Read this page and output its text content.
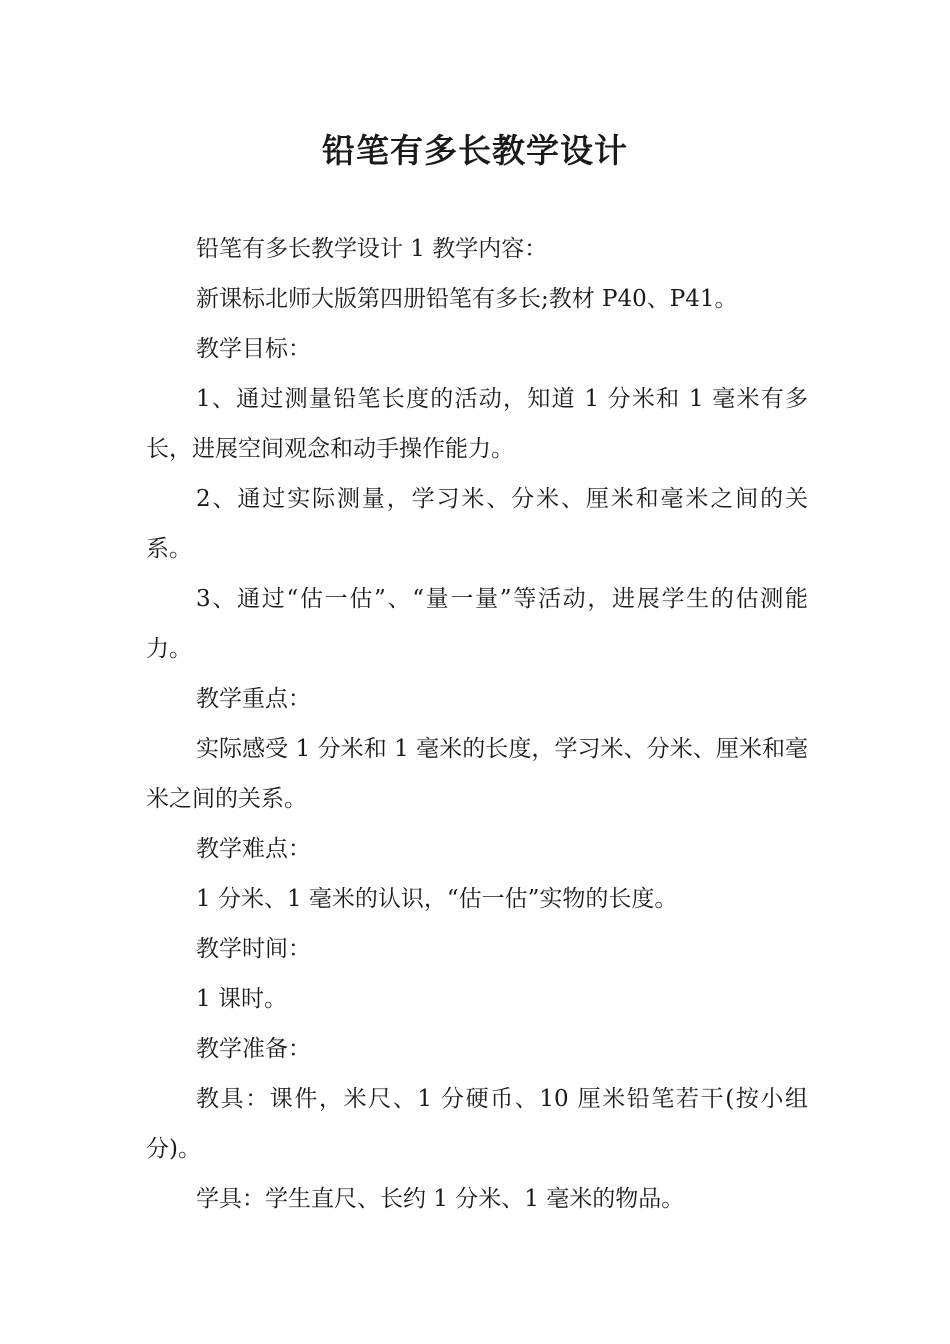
铅笔有多长教学设计

铅笔有多长教学设计 1 教学内容：

新课标北师大版第四册铅笔有多长;教材 P40、P41。

教学目标：

1、通过测量铅笔长度的活动，知道 1 分米和 1 毫米有多长，进展空间观念和动手操作能力。

2、通过实际测量，学习米、分米、厘米和毫米之间的关系。

3、通过“估一估”、“量一量”等活动，进展学生的估测能力。

教学重点：

实际感受 1 分米和 1 毫米的长度，学习米、分米、厘米和毫米之间的关系。

教学难点：

1 分米、1 毫米的认识，“估一估”实物的长度。

教学时间：

1 课时。

教学准备：

教具：课件，米尺、1 分硬币、10 厘米铅笔若干(按小组分)。

学具：学生直尺、长约 1 分米、1 毫米的物品。
